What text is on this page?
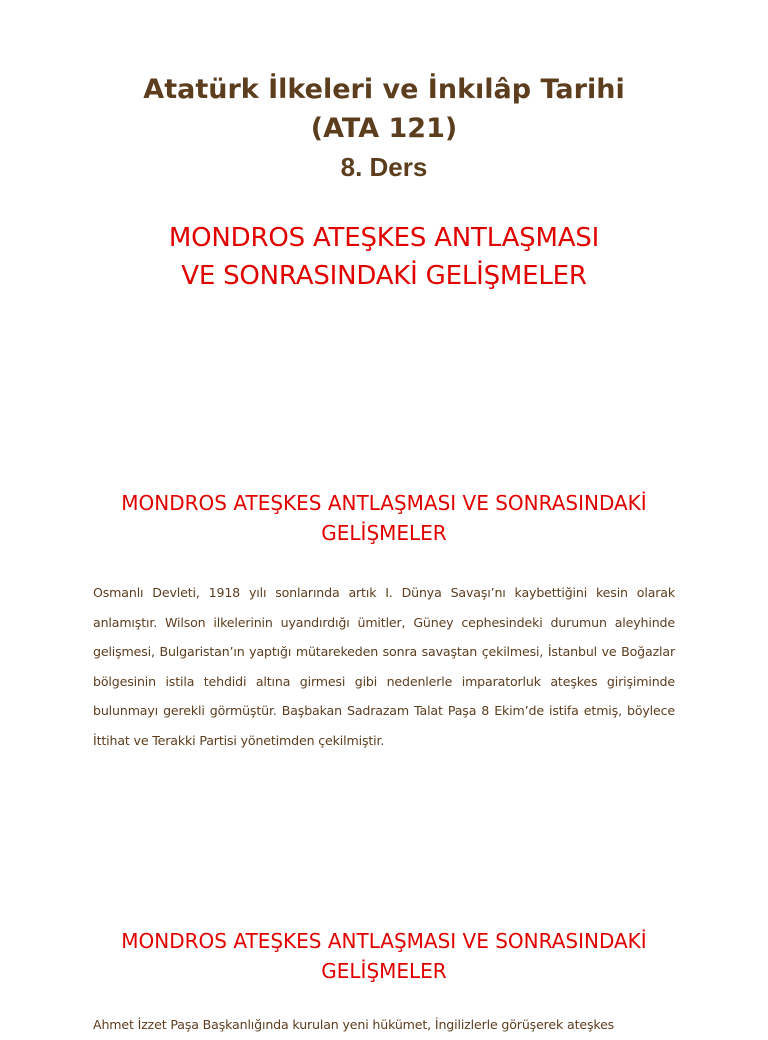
Atatürk İlkeleri ve İnkılâp Tarihi
(ATA 121)
8. Ders
MONDROS ATEŞKES ANTLAŞMASI
VE SONRASINDAKİ GELİŞMELER
MONDROS ATEŞKES ANTLAŞMASI VE SONRASINDAKİ GELİŞMELER
Osmanlı Devleti, 1918 yılı sonlarında artık I. Dünya Savaşı’nı kaybettiğini kesin olarak anlamıştır. Wilson ilkelerinin uyandırdığı ümitler, Güney cephesindeki durumun aleyhinde gelişmesi, Bulgaristan’ın yaptığı mütarekeden sonra savaştan çekilmesi, İstanbul ve Boğazlar bölgesinin istila tehdidi altına girmesi gibi nedenlerle imparatorluk ateşkes girişiminde bulunmayı gerekli görmüştür. Başbakan Sadrazam Talat Paşa 8 Ekim’de istifa etmiş, böylece İttihat ve Terakki Partisi yönetimden çekilmiştir.
MONDROS ATEŞKES ANTLAŞMASI VE SONRASINDAKİ GELİŞMELER
Ahmet İzzet Paşa Başkanlığında kurulan yeni hükümet, İngilizlerle görüşerek ateşkes
